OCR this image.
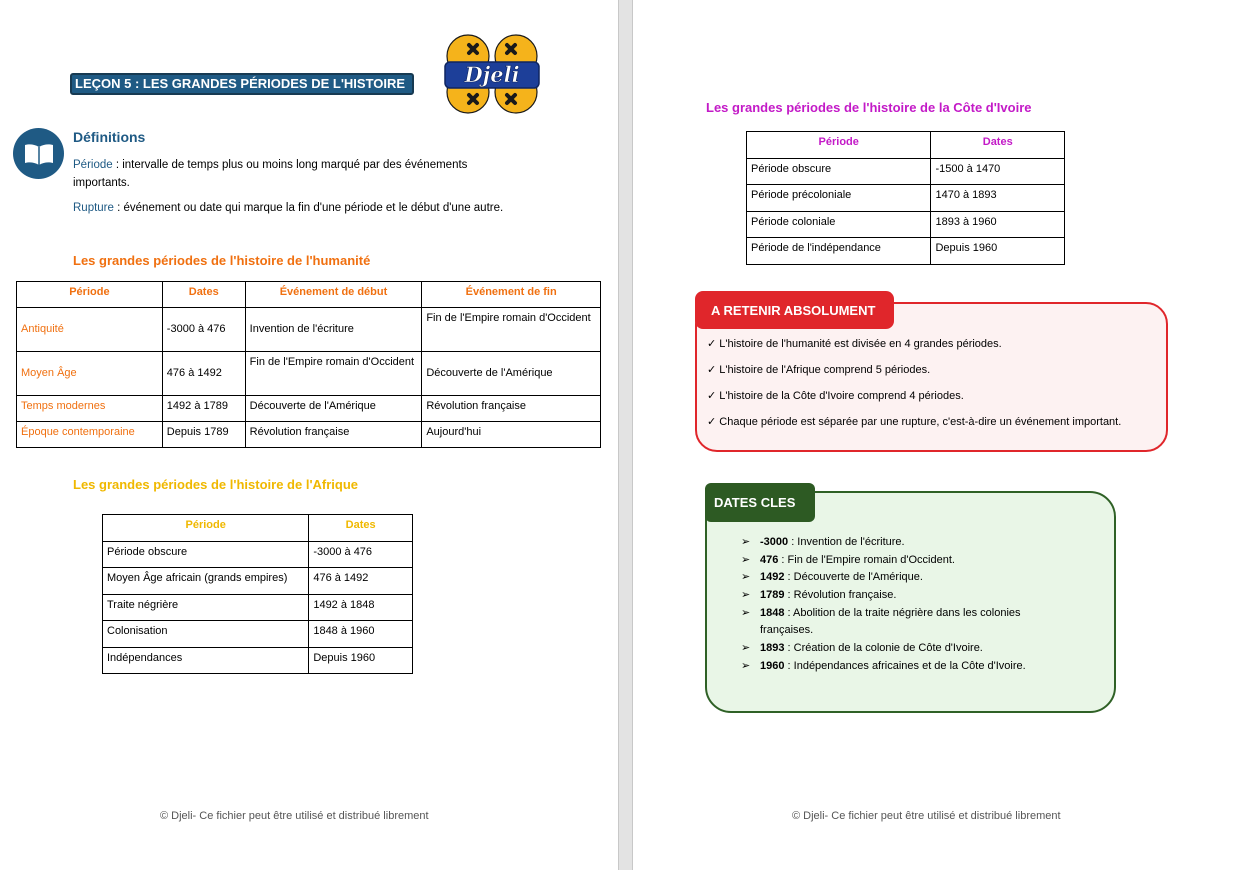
LEÇON 5 : LES GRANDES PÉRIODES DE L'HISTOIRE	Djeli
Définitions
Période : intervalle de temps plus ou moins long marqué par des événements importants.
Rupture : événement ou date qui marque la fin d'une période et le début d'une autre.
Les grandes périodes de l'histoire de l'humanité
Période	Dates	Événement de début	Événement de fin
Antiquité	-3000 à 476	Invention de l'écriture	Fin de l'Empire romain d'Occident
Moyen Âge	476 à 1492	Fin de l'Empire romain d'Occident	Découverte de l'Amérique
Temps modernes	1492 à 1789	Découverte de l'Amérique	Révolution française
Époque contemporaine	Depuis 1789	Révolution française	Aujourd'hui
Les grandes périodes de l'histoire de l'Afrique
Période	Dates
Période obscure	-3000 à 476
Moyen Âge africain (grands empires)	476 à 1492
Traite négrière	1492 à 1848
Colonisation	1848 à 1960
Indépendances	Depuis 1960
© Djeli- Ce fichier peut être utilisé et distribué librement
Les grandes périodes de l'histoire de la Côte d'Ivoire
Période	Dates
Période obscure	-1500 à 1470
Période précoloniale	1470 à 1893
Période coloniale	1893 à 1960
Période de l'indépendance	Depuis 1960
A RETENIR ABSOLUMENT
✓ L'histoire de l'humanité est divisée en 4 grandes périodes.
✓ L'histoire de l'Afrique comprend 5 périodes.
✓ L'histoire de la Côte d'Ivoire comprend 4 périodes.
✓ Chaque période est séparée par une rupture, c'est-à-dire un événement important.
DATES CLES
➢ -3000 : Invention de l'écriture.
➢ 476 : Fin de l'Empire romain d'Occident.
➢ 1492 : Découverte de l'Amérique.
➢ 1789 : Révolution française.
➢ 1848 : Abolition de la traite négrière dans les colonies françaises.
➢ 1893 : Création de la colonie de Côte d'Ivoire.
➢ 1960 : Indépendances africaines et de la Côte d'Ivoire.
© Djeli- Ce fichier peut être utilisé et distribué librement
